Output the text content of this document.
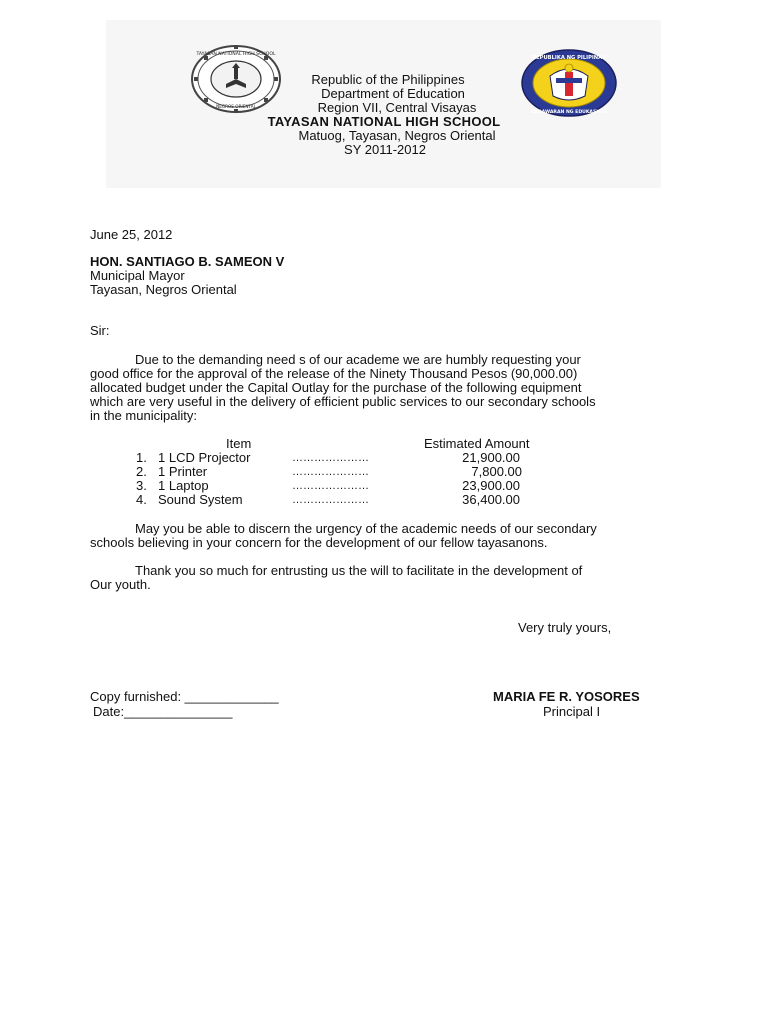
TAYASAN NATIONAL HIGH SCHOOL
NEGROS ORIENTAL
REPUBLIKA NG PILIPINAS
KAGAWARAN NG EDUKASYON
Republic of the Philippines
Department of Education
Region VII, Central Visayas
TAYASAN NATIONAL HIGH SCHOOL
Matuog, Tayasan, Negros Oriental
SY 2011-2012
June 25, 2012
HON. SANTIAGO B. SAMEON V
Municipal Mayor
Tayasan, Negros Oriental
Sir:
Due to the demanding need s of our academe we are humbly requesting your
good office for the approval of the release of the Ninety Thousand Pesos (90,000.00)
allocated budget under the Capital Outlay for the purchase of the following equipment
which are very useful in the delivery of efficient public services to our secondary schools
in the municipality:
Item	Estimated Amount
1. 1 LCD Projector	…………………	21,900.00
2. 1 Printer	…………………	7,800.00
3. 1 Laptop	…………………	23,900.00
4. Sound System	…………………	36,400.00
May you be able to discern the urgency of the academic needs of our secondary
schools believing in your concern for the development of our fellow tayasanons.
Thank you so much for entrusting us the will to facilitate in the development of
Our youth.
Very truly yours,
Copy furnished: _____________
Date:_______________
MARIA FE R. YOSORES
Principal I
